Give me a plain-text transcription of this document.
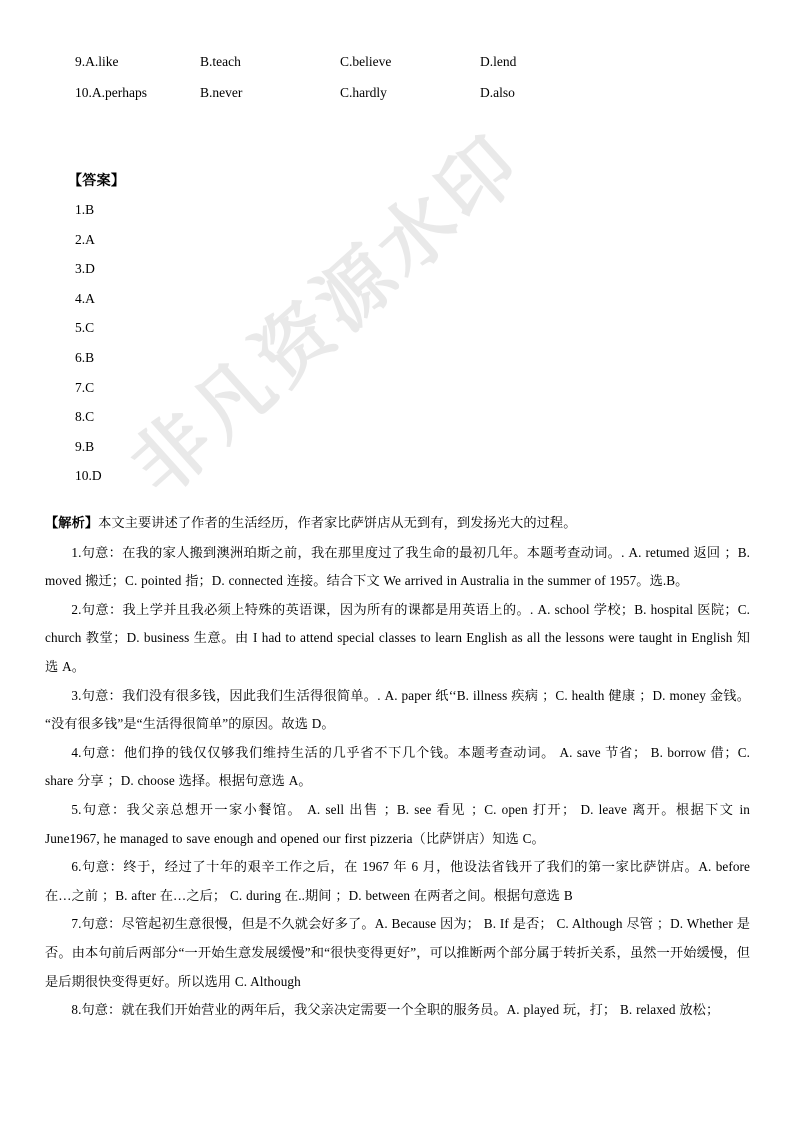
非凡资源水印
9.A.like	B.teach	C.believe	D.lend
10.A.perhaps	B.never	C.hardly	D.also
【答案】
1.B
2.A
3.D
4.A
5.C
6.B
7.C
8.C
9.B
10.D

【解析】本文主要讲述了作者的生活经历，作者家比萨饼店从无到有，到发扬光大的过程。

1.句意：在我的家人搬到澳洲珀斯之前，我在那里度过了我生命的最初几年。本题考查动词。. A. retumed 返回 ；B. moved 搬迁；C. pointed 指；D. connected 连接。结合下文 We arrived in Australia in the summer of 1957。选.B。

2.句意：我上学并且我必须上特殊的英语课，因为所有的课都是用英语上的。. A. school 学校；B. hospital 医院；C. church 教堂；D. business 生意。由 I had to attend special classes to learn English as all the lessons were taught in English 知选 A。

3.句意：我们没有很多钱，因此我们生活得很简单。. A. paper 纸‘‘B. illness 疾病 ；C. health 健康 ；D. money 金钱。“没有很多钱”是“生活得很简单”的原因。故选 D。

4.句意：他们挣的钱仅仅够我们维持生活的几乎省不下几个钱。本题考查动词。 A. save 节省； B. borrow 借；C. share 分享 ；D. choose 选择。根据句意选 A。

5.句意：我父亲总想开一家小餐馆。 A. sell 出售 ；B. see 看见 ；C. open 打开； D. leave 离开。根据下文 in June1967, he managed to save enough and opened our first pizzeria（比萨饼店）知选 C。

6.句意：终于，经过了十年的艰辛工作之后，在 1967 年 6 月，他设法省钱开了我们的第一家比萨饼店。A. before 在…之前 ；B. after 在…之后； C. during 在..期间 ；D. between 在两者之间。根据句意选 B

7.句意：尽管起初生意很慢，但是不久就会好多了。A. Because 因为； B. If 是否； C. Although 尽管 ；D. Whether 是否。由本句前后两部分“一开始生意发展缓慢”和“很快变得更好”，可以推断两个部分属于转折关系，虽然一开始缓慢，但是后期很快变得更好。所以选用 C. Although

8.句意：就在我们开始营业的两年后，我父亲决定需要一个全职的服务员。A. played 玩，打； B. relaxed 放松；
